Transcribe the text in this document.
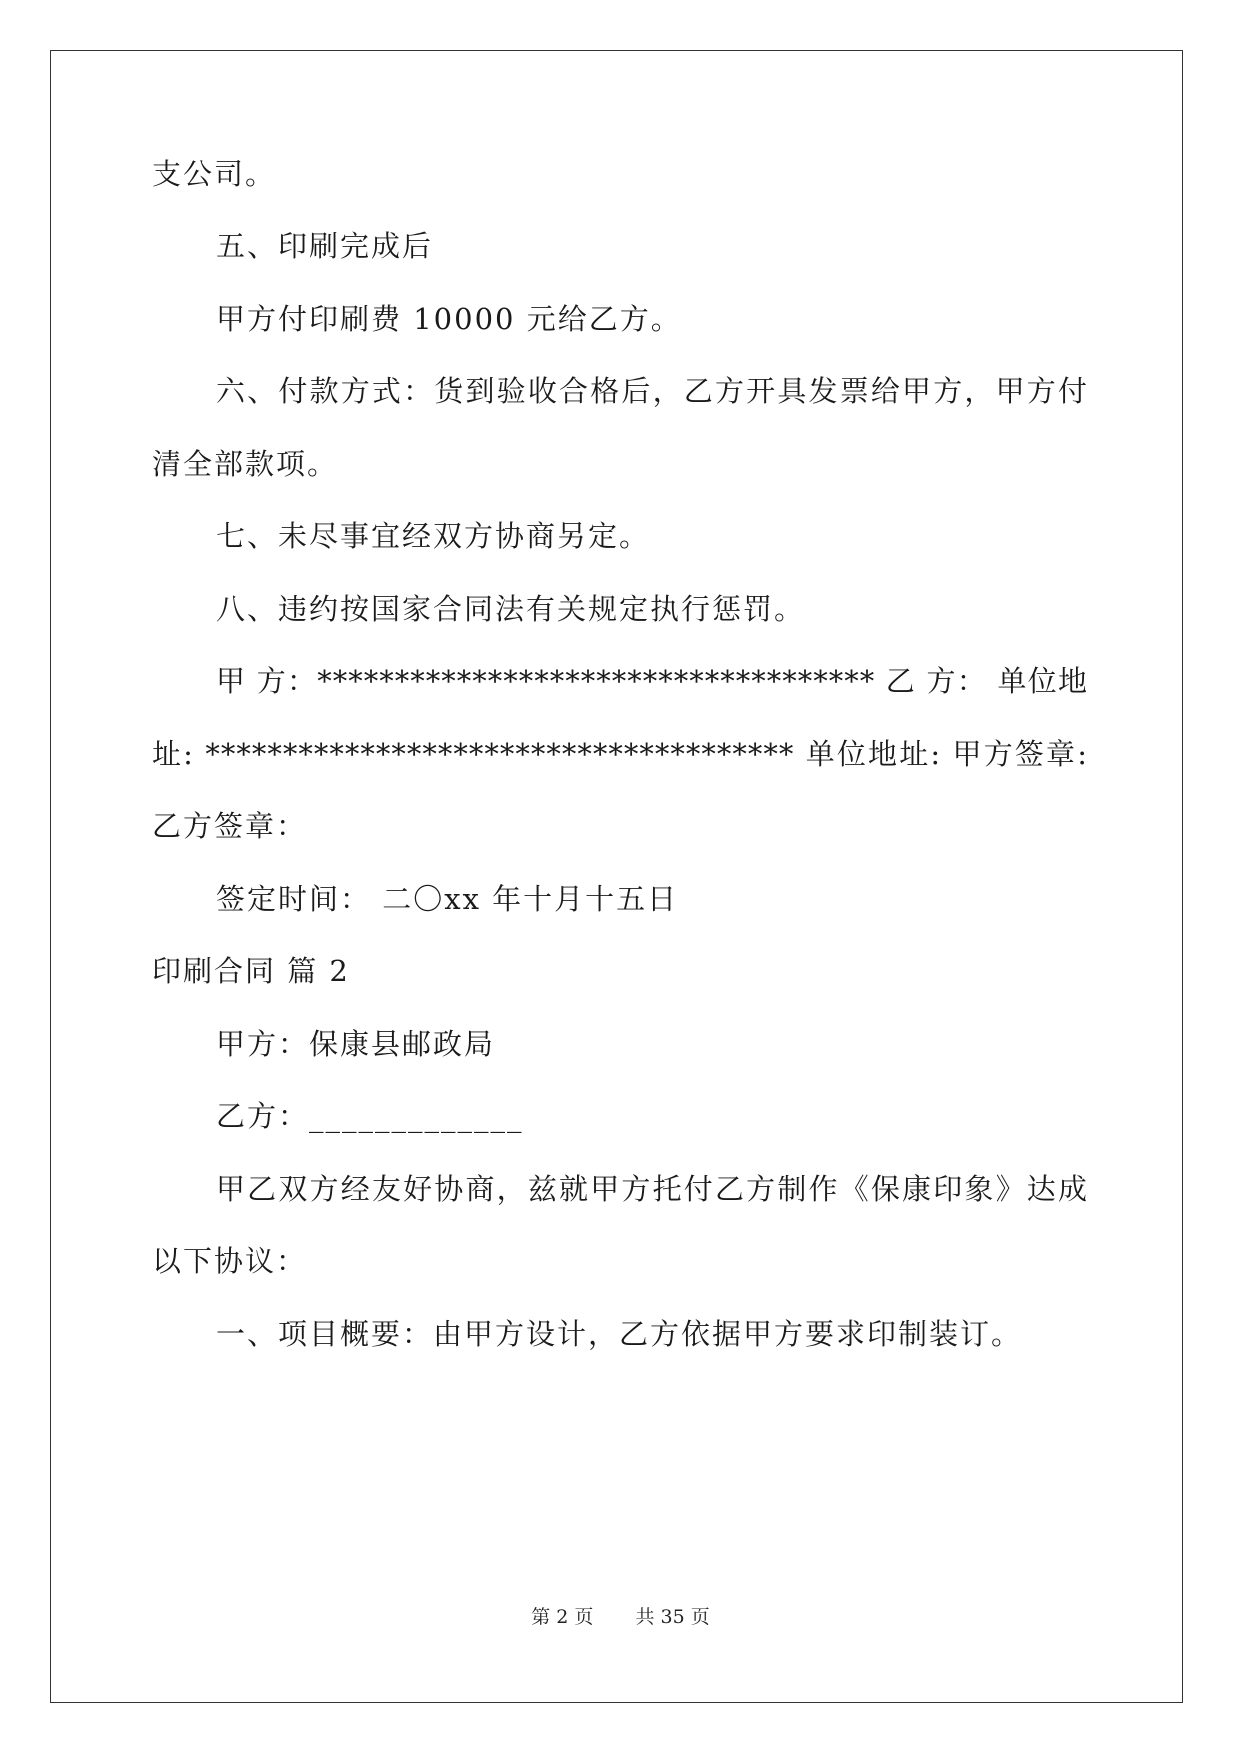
支公司。
五、印刷完成后
甲方付印刷费 10000 元给乙方。
六、付款方式：货到验收合格后，乙方开具发票给甲方，甲方付
清全部款项。
七、未尽事宜经双方协商另定。
八、违约按国家合同法有关规定执行惩罚。
甲 方：************************************ 乙 方： 单位地
址: ************************************** 单位地址: 甲方签章:
乙方签章：
签定时间： 二〇xx 年十月十五日
印刷合同 篇 2
甲方：保康县邮政局
乙方：_____________
甲乙双方经友好协商，兹就甲方托付乙方制作《保康印象》达成
以下协议：
一、项目概要：由甲方设计，乙方依据甲方要求印制装订。
第 2 页 共 35 页
